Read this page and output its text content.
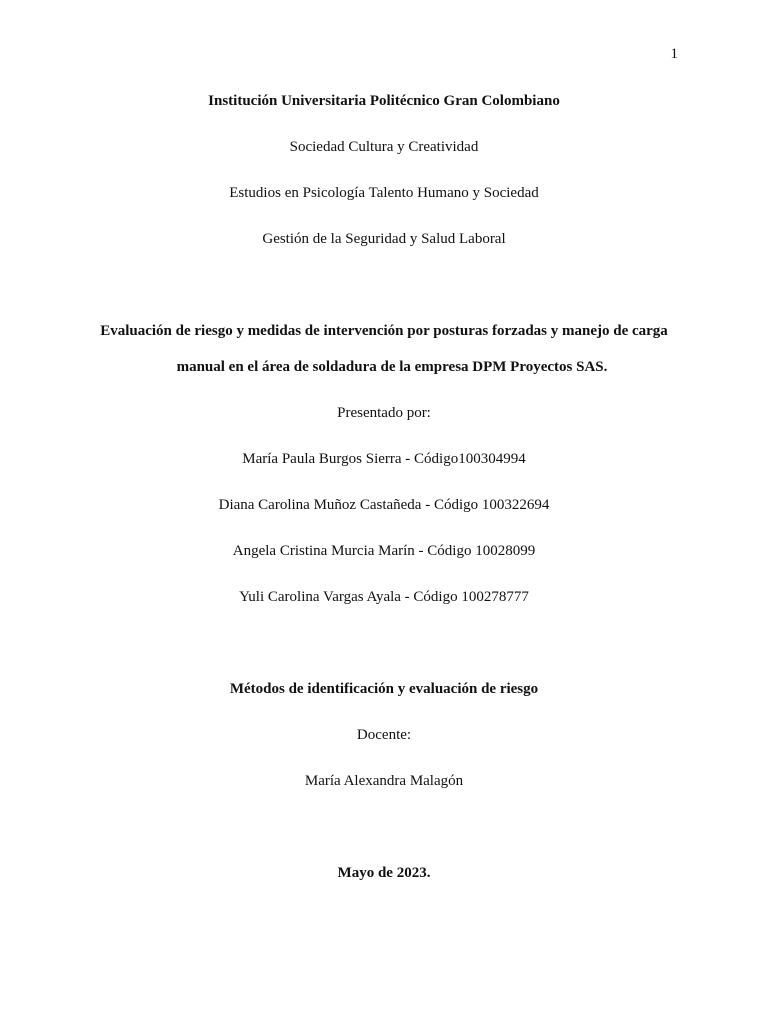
1
Institución Universitaria Politécnico Gran Colombiano
Sociedad Cultura y Creatividad
Estudios en Psicología Talento Humano y Sociedad
Gestión de la Seguridad y Salud Laboral
Evaluación de riesgo y medidas de intervención por posturas forzadas y manejo de carga
manual en el área de soldadura de la empresa DPM Proyectos SAS.
Presentado por:
María Paula Burgos Sierra - Código100304994
Diana Carolina Muñoz Castañeda - Código 100322694
Angela Cristina Murcia Marín - Código 10028099
Yuli Carolina Vargas Ayala - Código 100278777
Métodos de identificación y evaluación de riesgo
Docente:
María Alexandra Malagón
Mayo de 2023.
